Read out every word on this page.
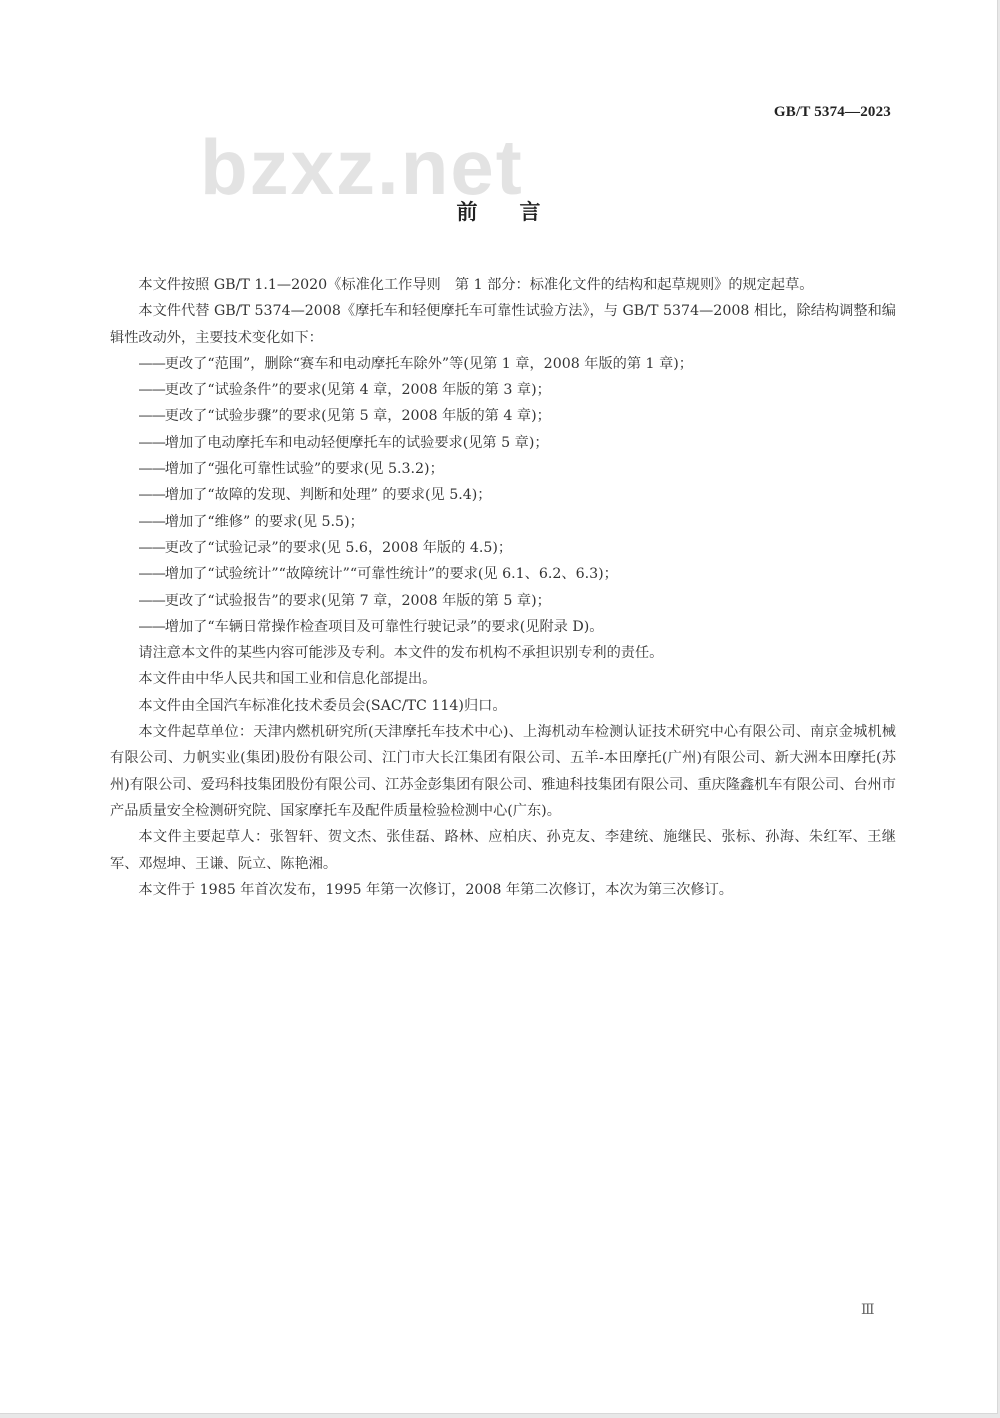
GB/T 5374—2023
bzxz.net
前言

本文件按照 GB/T 1.1—2020《标准化工作导则　第 1 部分：标准化文件的结构和起草规则》的规定起草。

本文件代替 GB/T 5374—2008《摩托车和轻便摩托车可靠性试验方法》，与 GB/T 5374—2008 相比，除结构调整和编辑性改动外，主要技术变化如下：

——更改了“范围”，删除“赛车和电动摩托车除外”等(见第 1 章，2008 年版的第 1 章)；

——更改了“试验条件”的要求(见第 4 章，2008 年版的第 3 章)；

——更改了“试验步骤”的要求(见第 5 章，2008 年版的第 4 章)；

——增加了电动摩托车和电动轻便摩托车的试验要求(见第 5 章)；

——增加了“强化可靠性试验”的要求(见 5.3.2)；

——增加了“故障的发现、判断和处理” 的要求(见 5.4)；

——增加了“维修” 的要求(见 5.5)；

——更改了“试验记录”的要求(见 5.6，2008 年版的 4.5)；

——增加了“试验统计”“故障统计”“可靠性统计”的要求(见 6.1、6.2、6.3)；

——更改了“试验报告”的要求(见第 7 章，2008 年版的第 5 章)；

——增加了“车辆日常操作检查项目及可靠性行驶记录”的要求(见附录 D)。

请注意本文件的某些内容可能涉及专利。本文件的发布机构不承担识别专利的责任。

本文件由中华人民共和国工业和信息化部提出。

本文件由全国汽车标准化技术委员会(SAC/TC 114)归口。

本文件起草单位：天津内燃机研究所(天津摩托车技术中心)、上海机动车检测认证技术研究中心有限公司、南京金城机械有限公司、力帆实业(集团)股份有限公司、江门市大长江集团有限公司、五羊-本田摩托(广州)有限公司、新大洲本田摩托(苏州)有限公司、爱玛科技集团股份有限公司、江苏金彭集团有限公司、雅迪科技集团有限公司、重庆隆鑫机车有限公司、台州市产品质量安全检测研究院、国家摩托车及配件质量检验检测中心(广东)。

本文件主要起草人：张智轩、贺文杰、张佳磊、路林、应柏庆、孙克友、李建统、施继民、张标、孙海、朱红军、王继军、邓煜坤、王谦、阮立、陈艳湘。

本文件于 1985 年首次发布，1995 年第一次修订，2008 年第二次修订，本次为第三次修订。

Ⅲ
